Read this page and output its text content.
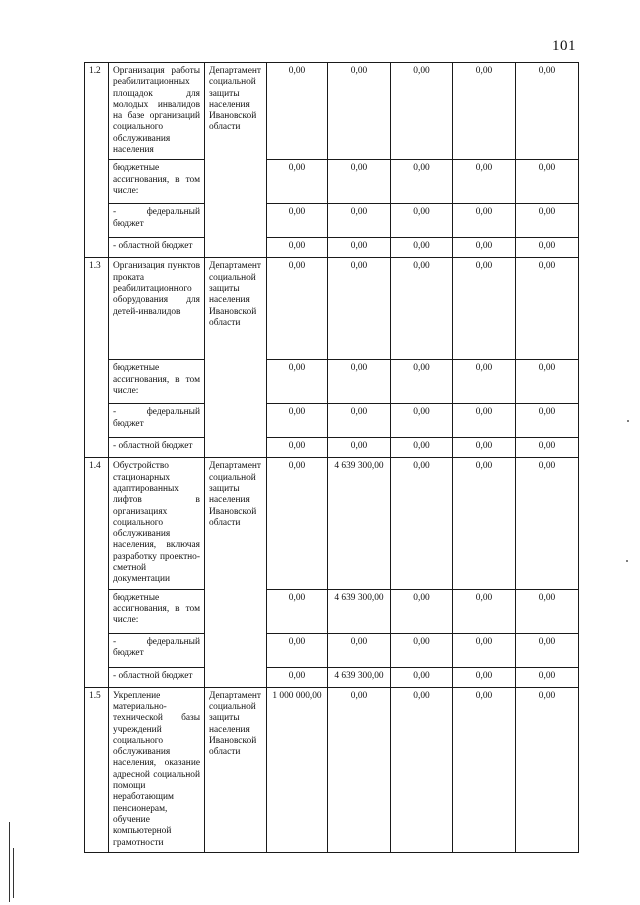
101
1.2	Организация работы реабилитационных площадок для молодых инвалидов на базе организаций социального обслуживания населения	Департамент социальной защиты населения Ивановской области	0,00	0,00	0,00	0,00	0,00
	бюджетные ассигнования, в том числе:		0,00	0,00	0,00	0,00	0,00
	- федеральный бюджет		0,00	0,00	0,00	0,00	0,00
	- областной бюджет		0,00	0,00	0,00	0,00	0,00
1.3	Организация пунктов проката реабилитационного оборудования для детей-инвалидов	Департамент социальной защиты населения Ивановской области	0,00	0,00	0,00	0,00	0,00
	бюджетные ассигнования, в том числе:		0,00	0,00	0,00	0,00	0,00
	- федеральный бюджет		0,00	0,00	0,00	0,00	0,00
	- областной бюджет		0,00	0,00	0,00	0,00	0,00
1.4	Обустройство стационарных адаптированных лифтов в организациях социального обслуживания населения, включая разработку проектно-сметной документации	Департамент социальной защиты населения Ивановской области	0,00	4 639 300,00	0,00	0,00	0,00
	бюджетные ассигнования, в том числе:		0,00	4 639 300,00	0,00	0,00	0,00
	- федеральный бюджет		0,00	0,00	0,00	0,00	0,00
	- областной бюджет		0,00	4 639 300,00	0,00	0,00	0,00
1.5	Укрепление материально-технической базы учреждений социального обслуживания населения, оказание адресной социальной помощи неработающим пенсионерам, обучение компьютерной грамотности	Департамент социальной защиты населения Ивановской области	1 000 000,00	0,00	0,00	0,00	0,00
